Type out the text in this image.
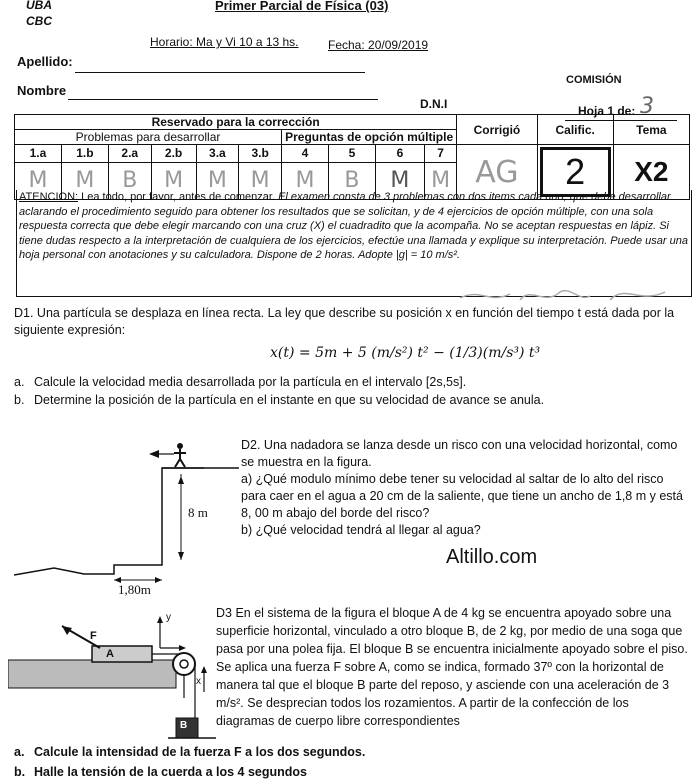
UBA
CBC
Primer Parcial de Física (03)
Horario: Ma y Vi 10 a 13 hs. Fecha: 20/09/2019
Apellido:
Nombre
D.N.I
COMISIÓN
Hoja 1 de: 3
Reservado para la corrección										Corrigió	Calific.	Tema
Problemas para desarrollar						Preguntas de opción múltiple						
1.a	1.b	2.a	2.b	3.a	3.b	4	5	6	7	AG	2	X2
M	M	B	M	M	M	M	B	M	M			
ATENCION: Lea todo, por favor, antes de comenzar. El examen consta de 3 problemas con dos items cada uno, que debe desarrollar aclarando el procedimiento seguido para obtener los resultados que se solicitan, y de 4 ejercicios de opción múltiple, con una sola respuesta correcta que debe elegir marcando con una cruz (X) el cuadradito que la acompaña. No se aceptan respuestas en lápiz. Si tiene dudas respecto a la interpretación de cualquiera de los ejercicios, efectúe una llamada y explique su interpretación. Puede usar una hoja personal con anotaciones y su calculadora. Dispone de 2 horas. Adopte |g| = 10 m/s².
D1. Una partícula se desplaza en línea recta. La ley que describe su posición x en función del tiempo t está dada por la siguiente expresión:
x(t) = 5m + 5 (m/s²) t² − (1/3)(m/s³) t³
a. Calcule la velocidad media desarrollada por la partícula en el intervalo [2s,5s].
b. Determine la posición de la partícula en el instante en que su velocidad de avance se anula.
8 m
1,80m
D2. Una nadadora se lanza desde un risco con una velocidad horizontal, como se muestra en la figura.
a) ¿Qué modulo mínimo debe tener su velocidad al saltar de lo alto del risco para caer en el agua a 20 cm de la saliente, que tiene un ancho de 1,8 m y está 8, 00 m abajo del borde del risco?
b) ¿Qué velocidad tendrá al llegar al agua?
Altillo.com
F
A
B
y
x
D3 En el sistema de la figura el bloque A de 4 kg se encuentra apoyado sobre una superficie horizontal, vinculado a otro bloque B, de 2 kg, por medio de una soga que pasa por una polea fija. El bloque B se encuentra inicialmente apoyado sobre el piso. Se aplica una fuerza F sobre A, como se indica, formado 37º con la horizontal de manera tal que el bloque B parte del reposo, y asciende con una aceleración de 3 m/s². Se desprecian todos los rozamientos. A partir de la confección de los diagramas de cuerpo libre correspondientes
a. Calcule la intensidad de la fuerza F a los dos segundos.
b. Halle la tensión de la cuerda a los 4 segundos
